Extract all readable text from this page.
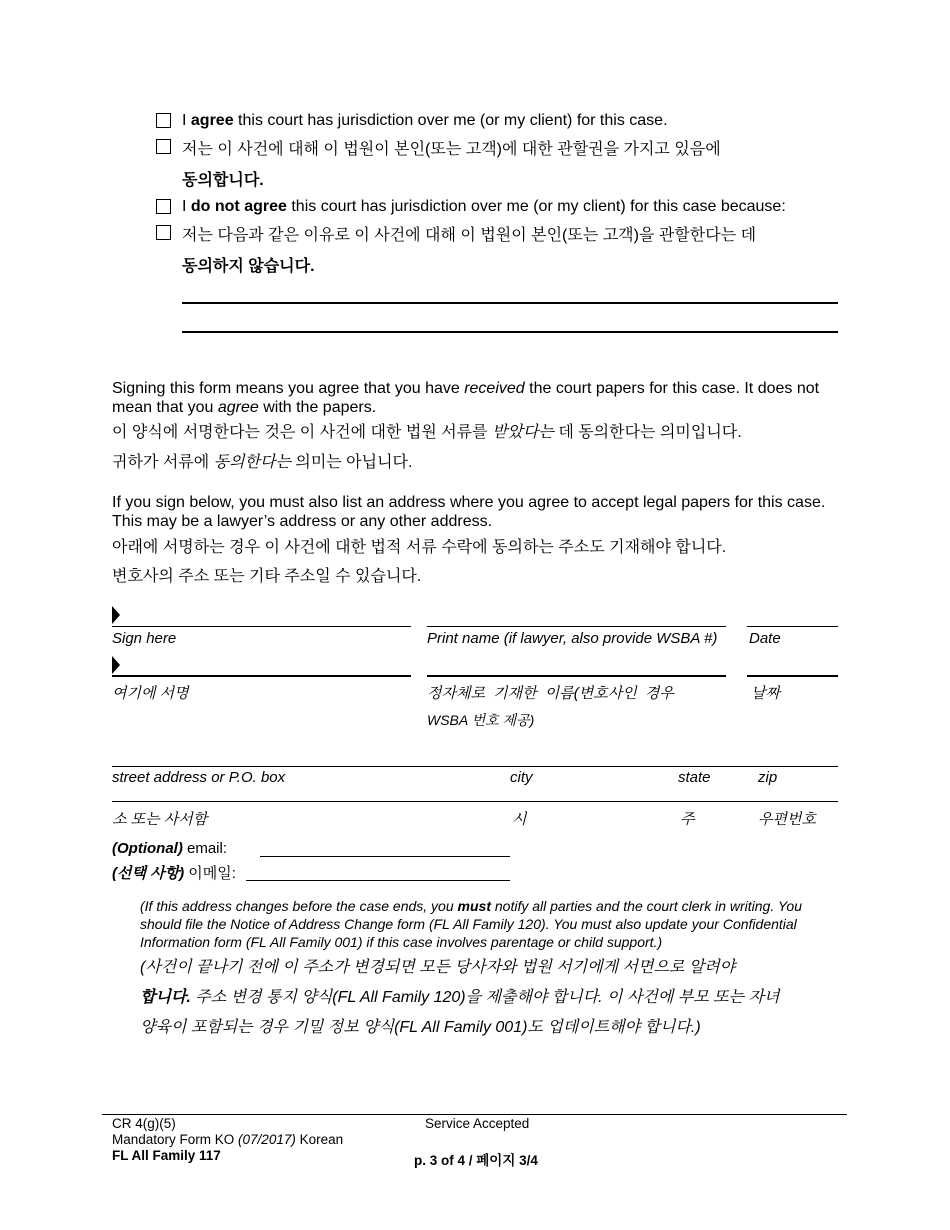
I agree this court has jurisdiction over me (or my client) for this case.
저는 이 사건에 대해 이 법원이 본인(또는 고객)에 대한 관할권을 가지고 있음에
동의합니다.
I do not agree this court has jurisdiction over me (or my client) for this case because:
저는 다음과 같은 이유로 이 사건에 대해 이 법원이 본인(또는 고객)을 관할한다는 데
동의하지 않습니다.
Signing this form means you agree that you have received the court papers for this case. It does not mean that you agree with the papers.
이 양식에 서명한다는 것은 이 사건에 대한 법원 서류를 받았다는 데 동의한다는 의미입니다.
귀하가 서류에 동의한다는 의미는 아닙니다.
If you sign below, you must also list an address where you agree to accept legal papers for this case. This may be a lawyer’s address or any other address.
아래에 서명하는 경우 이 사건에 대한 법적 서류 수락에 동의하는 주소도 기재해야 합니다.
변호사의 주소 또는 기타 주소일 수 있습니다.
Sign here	Print name (if lawyer, also provide WSBA #) Date
여기에 서명	정자체로 기재한 이름(변호사인 경우
WSBA 번호 제공)
날짜
street address or P.O. box	city	state	zip
소 또는 사서함	시	주	우편번호
(Optional) email:
(선택 사항) 이메일:
(If this address changes before the case ends, you must notify all parties and the court clerk in writing. You should file the Notice of Address Change form (FL All Family 120). You must also update your Confidential Information form (FL All Family 001) if this case involves parentage or child support.)
(사건이 끝나기 전에 이 주소가 변경되면 모든 당사자와 법원 서기에게 서면으로 알려야
합니다. 주소 변경 통지 양식(FL All Family 120)을 제출해야 합니다. 이 사건에 부모 또는 자녀
양육이 포함되는 경우 기밀 정보 양식(FL All Family 001)도 업데이트해야 합니다.)
CR 4(g)(5)
Mandatory Form KO (07/2017) Korean
FL All Family 117
Service Accepted
p. 3 of 4 / 페이지 3/4
